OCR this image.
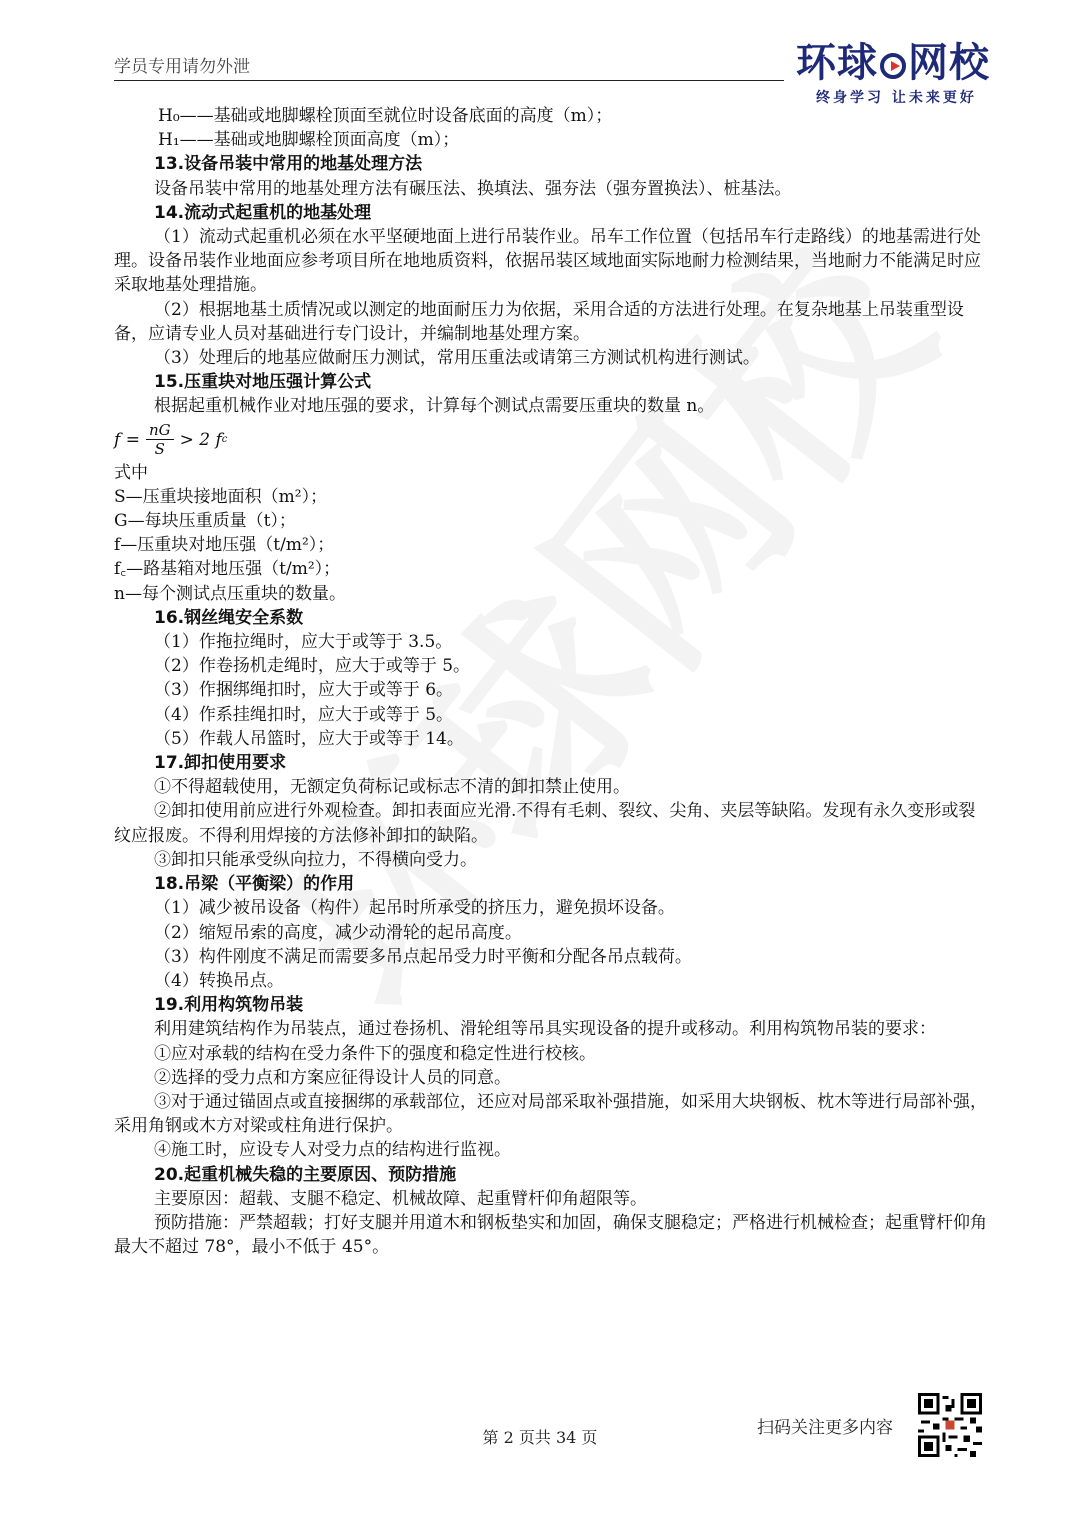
学员专用请勿外泄	环球 网校
终身学习 让未来更好

H₀——基础或地脚螺栓顶面至就位时设备底面的高度（m）；

H₁——基础或地脚螺栓顶面高度（m）；

13.设备吊装中常用的地基处理方法

设备吊装中常用的地基处理方法有碾压法、换填法、强夯法（强夯置换法）、桩基法。

14.流动式起重机的地基处理

（1）流动式起重机必须在水平坚硬地面上进行吊装作业。吊车工作位置（包括吊车行走路线）的地基需进行处理。设备吊装作业地面应参考项目所在地地质资料，依据吊装区域地面实际地耐力检测结果，当地耐力不能满足时应采取地基处理措施。

（2）根据地基土质情况或以测定的地面耐压力为依据，采用合适的方法进行处理。在复杂地基上吊装重型设备，应请专业人员对基础进行专门设计，并编制地基处理方案。

（3）处理后的地基应做耐压力测试，常用压重法或请第三方测试机构进行测试。

15.压重块对地压强计算公式

根据起重机械作业对地压强的要求，计算每个测试点需要压重块的数量 n。

$f = \frac{nG}{S} > 2$ f c

式中

S—压重块接地面积（m²）；

G—每块压重质量（t）；

f—压重块对地压强（t/m²）；

f꜀—路基箱对地压强（t/m²）；

n—每个测试点压重块的数量。

16.钢丝绳安全系数

（1）作拖拉绳时，应大于或等于 3.5。

（2）作卷扬机走绳时，应大于或等于 5。

（3）作捆绑绳扣时，应大于或等于 6。

（4）作系挂绳扣时，应大于或等于 5。

（5）作载人吊篮时，应大于或等于 14。

17.卸扣使用要求

①不得超载使用，无额定负荷标记或标志不清的卸扣禁止使用。

②卸扣使用前应进行外观检查。卸扣表面应光滑.不得有毛刺、裂纹、尖角、夹层等缺陷。发现有永久变形或裂纹应报废。不得利用焊接的方法修补卸扣的缺陷。

③卸扣只能承受纵向拉力，不得横向受力。

18.吊梁（平衡梁）的作用

（1）减少被吊设备（构件）起吊时所承受的挤压力，避免损坏设备。

（2）缩短吊索的高度，减少动滑轮的起吊高度。

（3）构件刚度不满足而需要多吊点起吊受力时平衡和分配各吊点载荷。

（4）转换吊点。

19.利用构筑物吊装

利用建筑结构作为吊装点，通过卷扬机、滑轮组等吊具实现设备的提升或移动。利用构筑物吊装的要求：

①应对承载的结构在受力条件下的强度和稳定性进行校核。

②选择的受力点和方案应征得设计人员的同意。

③对于通过锚固点或直接捆绑的承载部位，还应对局部采取补强措施，如采用大块钢板、枕木等进行局部补强，采用角钢或木方对梁或柱角进行保护。

④施工时，应设专人对受力点的结构进行监视。

20.起重机械失稳的主要原因、预防措施

主要原因：超载、支腿不稳定、机械故障、起重臂杆仰角超限等。

预防措施：严禁超载；打好支腿并用道木和钢板垫实和加固，确保支腿稳定；严格进行机械检查；起重臂杆仰角最大不超过 78°，最小不低于 45°。

扫码关注更多内容
第 2 页共 34 页
